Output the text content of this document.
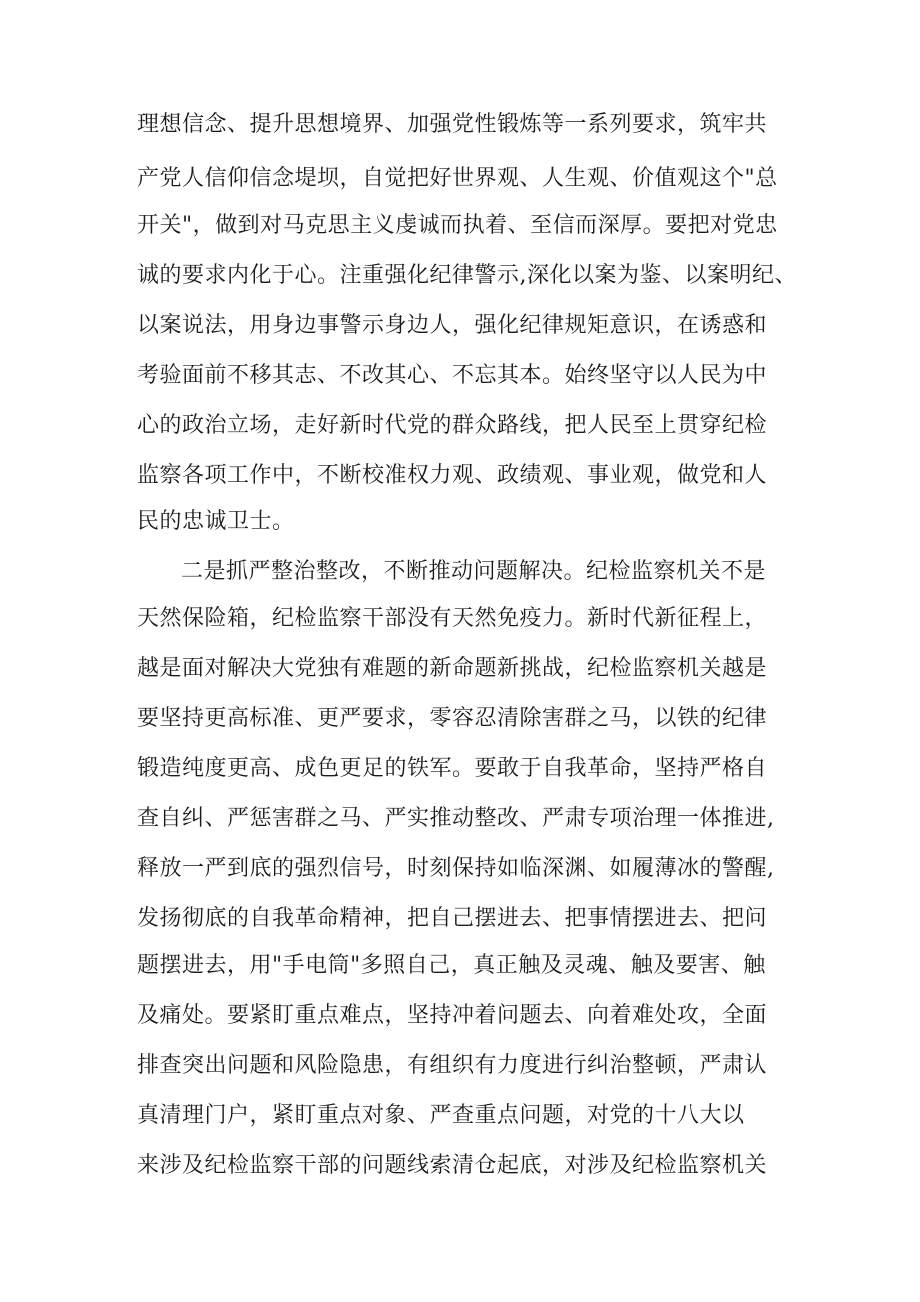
理想信念、提升思想境界、加强党性锻炼等一系列要求，筑牢共
产党人信仰信念堤坝，自觉把好世界观、人生观、价值观这个"总
开关"，做到对马克思主义虔诚而执着、至信而深厚。要把对党忠
诚的要求内化于心。注重强化纪律警示,深化以案为鉴、以案明纪、
以案说法，用身边事警示身边人，强化纪律规矩意识，在诱惑和
考验面前不移其志、不改其心、不忘其本。始终坚守以人民为中
心的政治立场，走好新时代党的群众路线，把人民至上贯穿纪检
监察各项工作中，不断校准权力观、政绩观、事业观，做党和人
民的忠诚卫士。
二是抓严整治整改，不断推动问题解决。纪检监察机关不是
天然保险箱，纪检监察干部没有天然免疫力。新时代新征程上，
越是面对解决大党独有难题的新命题新挑战，纪检监察机关越是
要坚持更高标准、更严要求，零容忍清除害群之马，以铁的纪律
锻造纯度更高、成色更足的铁军。要敢于自我革命，坚持严格自
查自纠、严惩害群之马、严实推动整改、严肃专项治理一体推进,
释放一严到底的强烈信号，时刻保持如临深渊、如履薄冰的警醒,
发扬彻底的自我革命精神，把自己摆进去、把事情摆进去、把问
题摆进去，用"手电筒"多照自己，真正触及灵魂、触及要害、触
及痛处。要紧盯重点难点，坚持冲着问题去、向着难处攻，全面
排查突出问题和风险隐患，有组织有力度进行纠治整顿，严肃认
真清理门户，紧盯重点对象、严查重点问题，对党的十八大以
来涉及纪检监察干部的问题线索清仓起底，对涉及纪检监察机关
